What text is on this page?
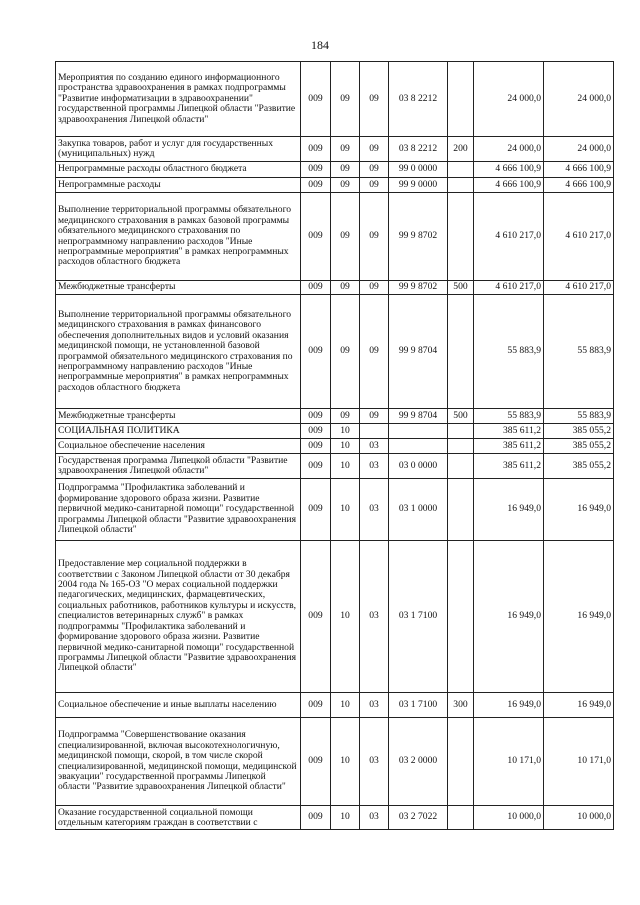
184
Мероприятия по созданию единого информационного пространства здравоохранения в рамках подпрограммы "Развитие информатизации в здравоохранении" государственной программы Липецкой области "Развитие здравоохранения Липецкой области"	009	09	09	03 8 2212		24 000,0	24 000,0
Закупка товаров, работ и услуг для государственных (муниципальных) нужд	009	09	09	03 8 2212	200	24 000,0	24 000,0
Непрограммные расходы областного бюджета	009	09	09	99 0 0000		4 666 100,9	4 666 100,9
Непрограммные расходы	009	09	09	99 9 0000		4 666 100,9	4 666 100,9
Выполнение территориальной программы обязательного медицинского страхования в рамках базовой программы обязательного медицинского страхования по непрограммному направлению расходов "Иные непрограммные мероприятия" в рамках непрограммных расходов областного бюджета	009	09	09	99 9 8702		4 610 217,0	4 610 217,0
Межбюджетные трансферты	009	09	09	99 9 8702	500	4 610 217,0	4 610 217,0
Выполнение территориальной программы обязательного медицинского страхования в рамках финансового обеспечения дополнительных видов и условий оказания медицинской помощи, не установленной базовой программой обязательного медицинского страхования по непрограммному направлению расходов "Иные непрограммные мероприятия" в рамках непрограммных расходов областного бюджета	009	09	09	99 9 8704		55 883,9	55 883,9
Межбюджетные трансферты	009	09	09	99 9 8704	500	55 883,9	55 883,9
СОЦИАЛЬНАЯ ПОЛИТИКА	009	10				385 611,2	385 055,2
Социальное обеспечение населения	009	10	03			385 611,2	385 055,2
Государственая программа Липецкой области "Развитие здравоохранения Липецкой области"	009	10	03	03 0 0000		385 611,2	385 055,2
Подпрограмма "Профилактика заболеваний и формирование здорового образа жизни. Развитие первичной медико-санитарной помощи" государственной программы Липецкой области "Развитие здравоохранения Липецкой области"	009	10	03	03 1 0000		16 949,0	16 949,0
Предоставление мер социальной поддержки в соответствии с Законом Липецкой области от 30 декабря 2004 года № 165-ОЗ "О мерах социальной поддержки педагогических, медицинских, фармацевтических, социальных работников, работников культуры и искусств, специалистов ветеринарных служб" в рамках подпрограммы "Профилактика заболеваний и формирование здорового образа жизни. Развитие первичной медико-санитарной помощи" государственной программы Липецкой области "Развитие здравоохранения Липецкой области"	009	10	03	03 1 7100		16 949,0	16 949,0
Социальное обеспечение и иные выплаты населению	009	10	03	03 1 7100	300	16 949,0	16 949,0
Подпрограмма "Совершенствование оказания специализированной, включая высокотехнологичную, медицинской помощи, скорой, в том числе скорой специализированной, медицинской помощи, медицинской эвакуации" государственной программы Липецкой области "Развитие здравоохранения Липецкой области"	009	10	03	03 2 0000		10 171,0	10 171,0

Оказание государственной социальной помощи отдельным категориям граждан в соответствии с	009	10	03	03 2 7022		10 000,0	10 000,0
